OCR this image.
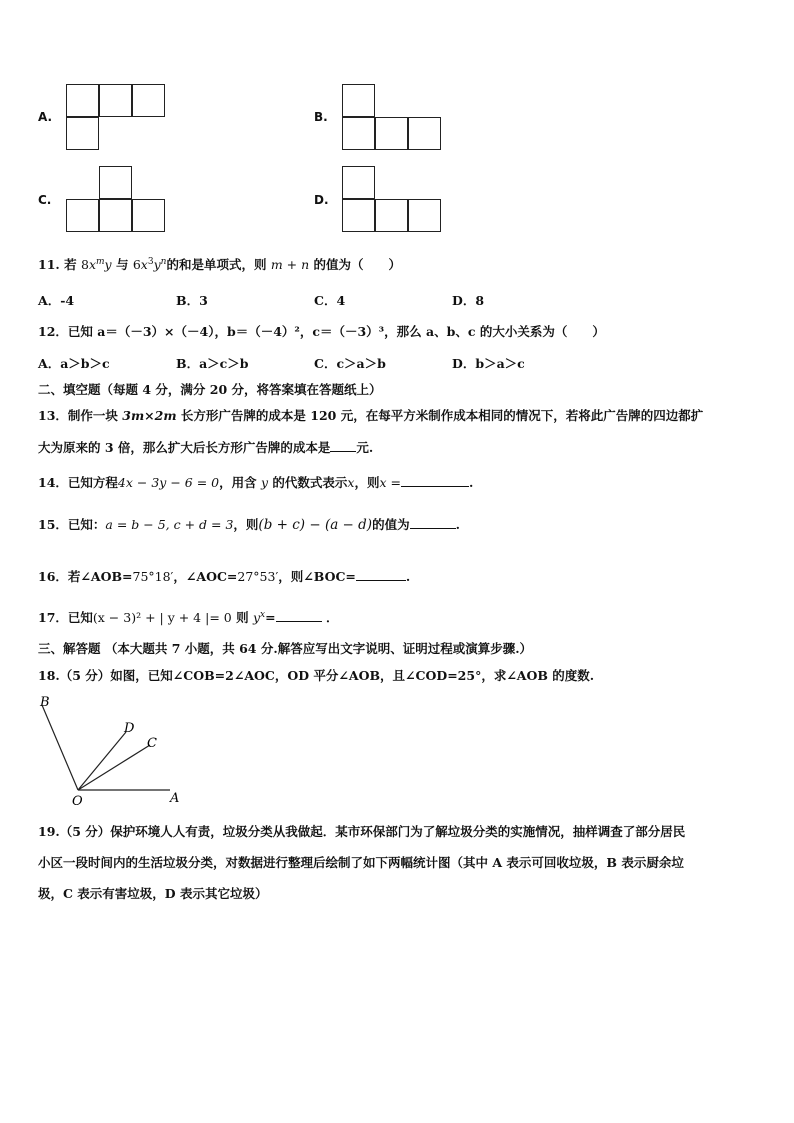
A.	B.
C.	D.
11. 若 $8x^my$ 与 $6x^3y^n$的和是单项式，则 m + n 的值为（　　）
A．-4	B．3	C．4	D．8
12．已知 a＝（－3）×（－4），b＝（－4）²，c＝（－3）³，那么 a、b、c 的大小关系为（　　）
A．a＞b＞c	B．a＞c＞b	C．c＞a＞b	D．b＞a＞c
二、填空题（每题 4 分，满分 20 分，将答案填在答题纸上）
13．制作一块 3m×2m 长方形广告牌的成本是 120 元，在每平方米制作成本相同的情况下，若将此广告牌的四边都扩
大为原来的 3 倍，那么扩大后长方形广告牌的成本是 元.
14．已知方程4x − 3y − 6 = 0，用含 y 的代数式表示x，则x =	.
15．已知：a = b − 5, c + d = 3，则(b + c) − (a − d)的值为	.
16．若∠AOB=75°18′，∠AOC=27°53′，则∠BOC=	.
17．已知(x − 3)² + | y + 4 |= 0 则 $y^x=$	．
三、解答题 （本大题共 7 小题，共 64 分.解答应写出文字说明、证明过程或演算步骤.）
18.（5 分）如图，已知∠COB=2∠AOC，OD 平分∠AOB，且∠COD=25°，求∠AOB 的度数.
B
D
C
O	A
19.（5 分）保护环境人人有责，垃圾分类从我做起．某市环保部门为了解垃圾分类的实施情况，抽样调查了部分居民
小区一段时间内的生活垃圾分类，对数据进行整理后绘制了如下两幅统计图（其中 A 表示可回收垃圾，B 表示厨余垃
圾，C 表示有害垃圾，D 表示其它垃圾）
